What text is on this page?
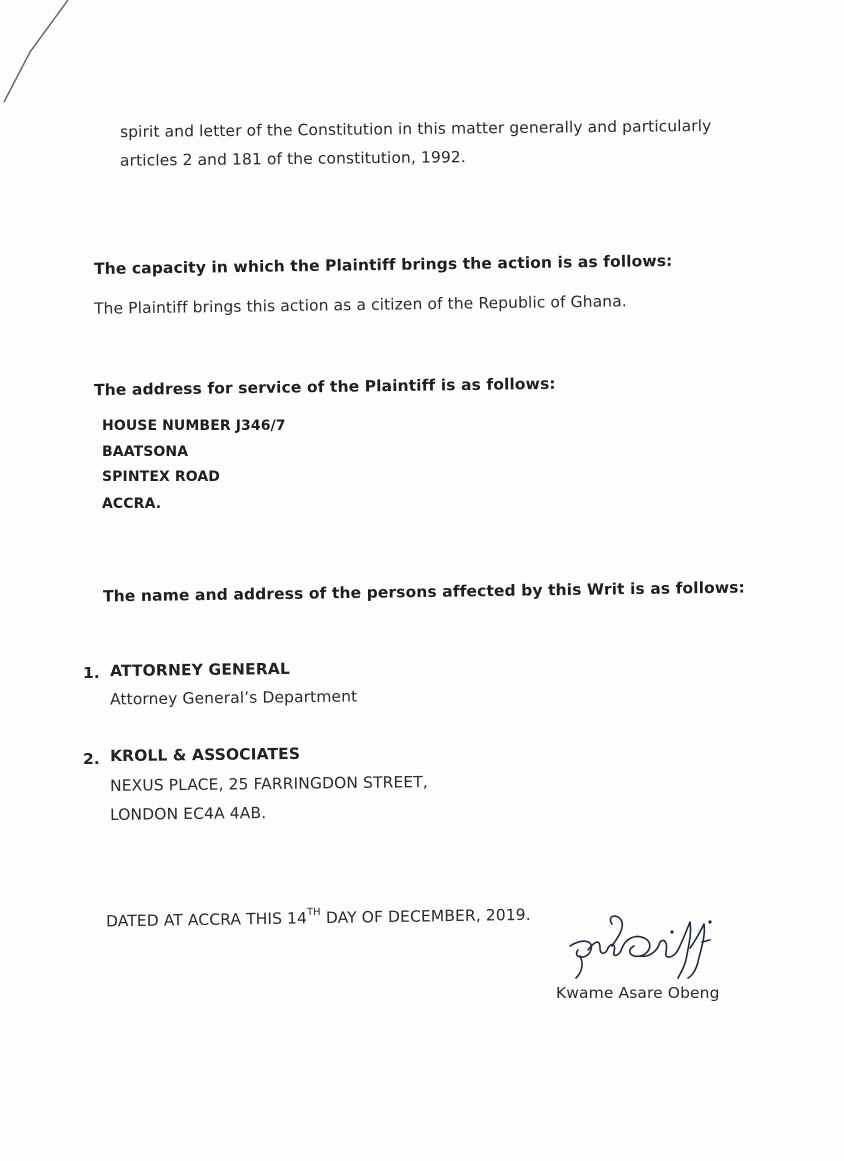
spirit and letter of the Constitution in this matter generally and particularly
articles 2 and 181 of the constitution, 1992.
The capacity in which the Plaintiff brings the action is as follows:
The Plaintiff brings this action as a citizen of the Republic of Ghana.
The address for service of the Plaintiff is as follows:
HOUSE NUMBER J346/7
BAATSONA
SPINTEX ROAD
ACCRA.
The name and address of the persons affected by this Writ is as follows:
1. ATTORNEY GENERAL
Attorney General’s Department
2. KROLL & ASSOCIATES
NEXUS PLACE, 25 FARRINGDON STREET,
LONDON EC4A 4AB.
DATED AT ACCRA THIS 14TH DAY OF DECEMBER, 2019.
Kwame Asare Obeng
